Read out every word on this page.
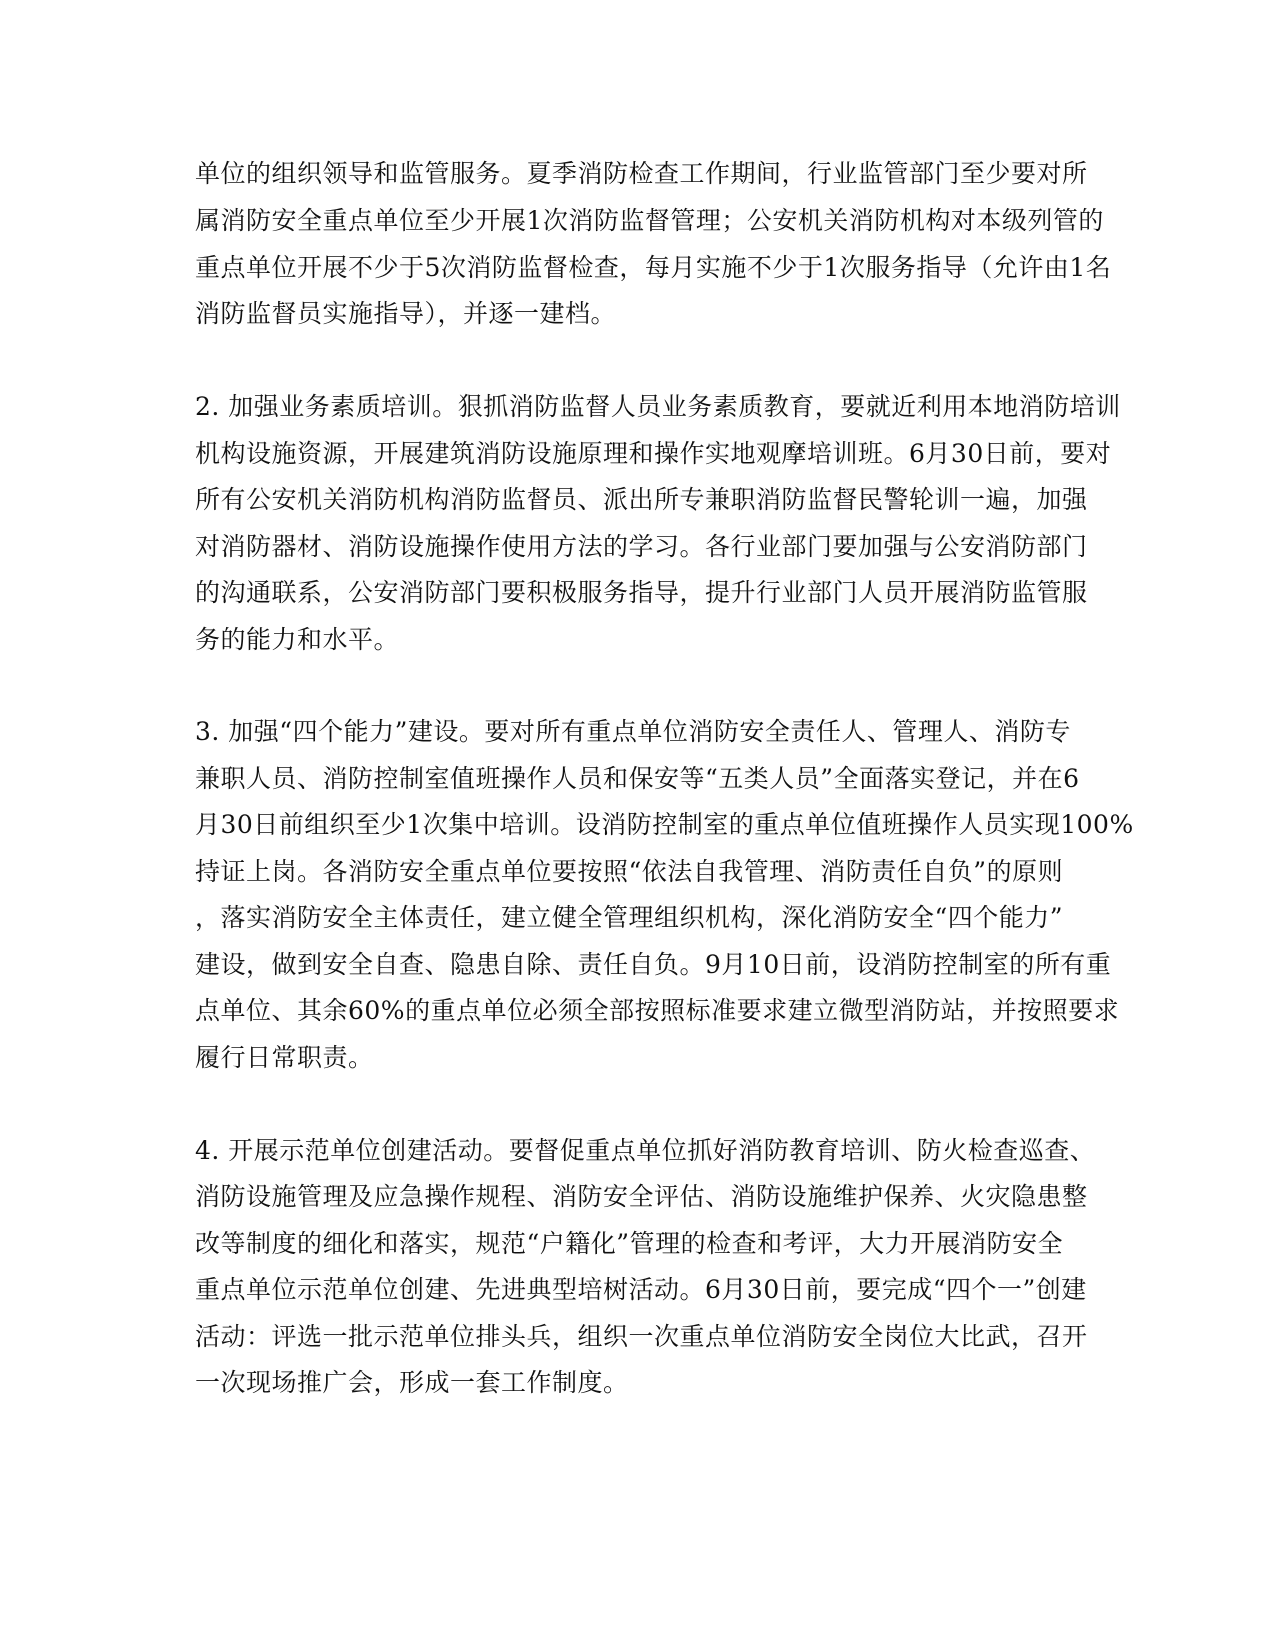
单位的组织领导和监管服务。夏季消防检查工作期间，行业监管部门至少要对所
属消防安全重点单位至少开展1次消防监督管理；公安机关消防机构对本级列管的
重点单位开展不少于5次消防监督检查，每月实施不少于1次服务指导（允许由1名
消防监督员实施指导），并逐一建档。
2. 加强业务素质培训。狠抓消防监督人员业务素质教育，要就近利用本地消防培训
机构设施资源，开展建筑消防设施原理和操作实地观摩培训班。6月30日前，要对
所有公安机关消防机构消防监督员、派出所专兼职消防监督民警轮训一遍，加强
对消防器材、消防设施操作使用方法的学习。各行业部门要加强与公安消防部门
的沟通联系，公安消防部门要积极服务指导，提升行业部门人员开展消防监管服
务的能力和水平。
3. 加强“四个能力”建设。要对所有重点单位消防安全责任人、管理人、消防专
兼职人员、消防控制室值班操作人员和保安等“五类人员”全面落实登记，并在6
月30日前组织至少1次集中培训。设消防控制室的重点单位值班操作人员实现100%
持证上岗。各消防安全重点单位要按照“依法自我管理、消防责任自负”的原则
，落实消防安全主体责任，建立健全管理组织机构，深化消防安全“四个能力”
建设，做到安全自查、隐患自除、责任自负。9月10日前，设消防控制室的所有重
点单位、其余60%的重点单位必须全部按照标准要求建立微型消防站，并按照要求
履行日常职责。
4. 开展示范单位创建活动。要督促重点单位抓好消防教育培训、防火检查巡查、
消防设施管理及应急操作规程、消防安全评估、消防设施维护保养、火灾隐患整
改等制度的细化和落实，规范“户籍化”管理的检查和考评，大力开展消防安全
重点单位示范单位创建、先进典型培树活动。6月30日前，要完成“四个一”创建
活动：评选一批示范单位排头兵，组织一次重点单位消防安全岗位大比武，召开
一次现场推广会，形成一套工作制度。
